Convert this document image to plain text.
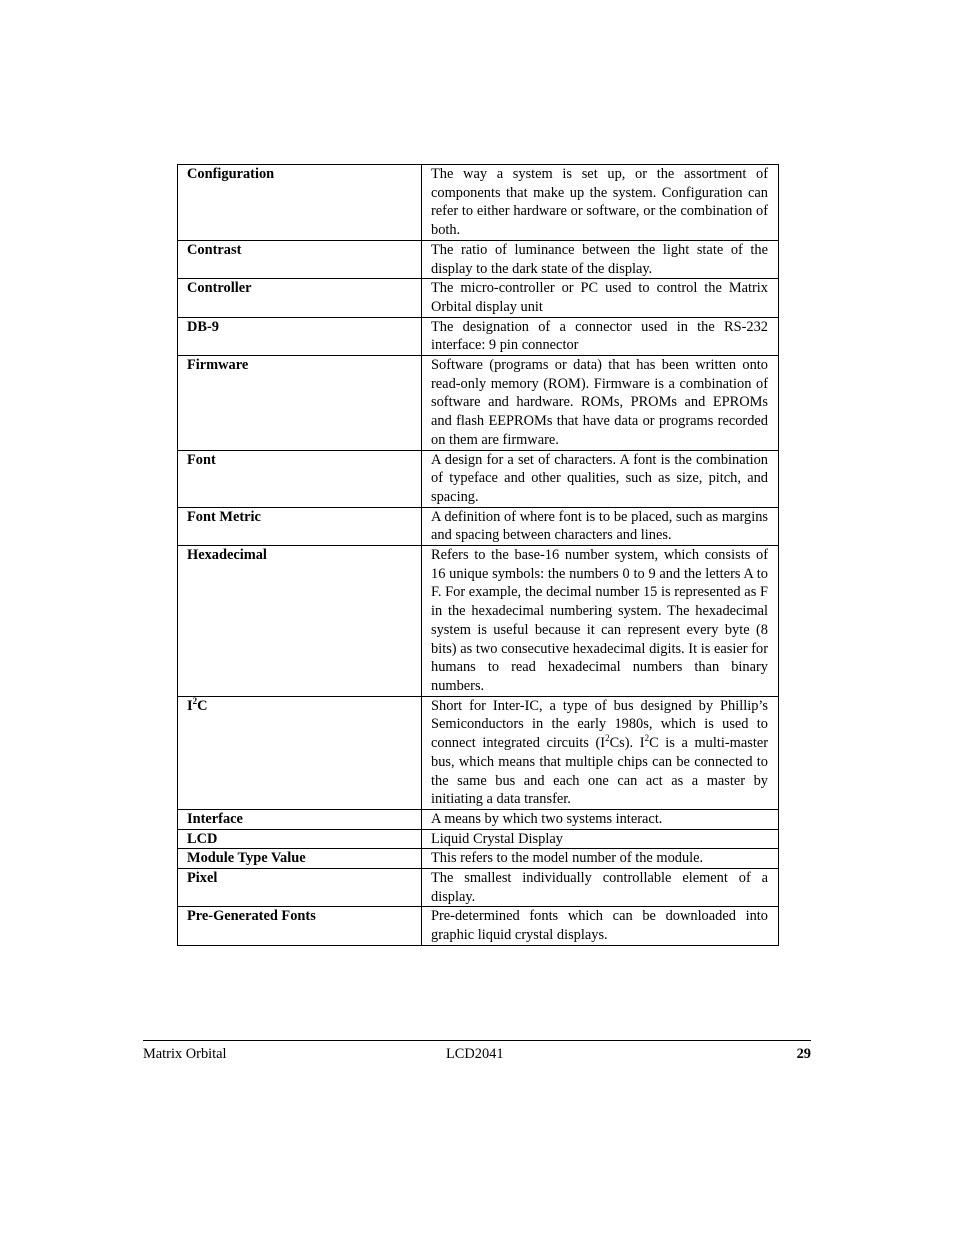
Configuration	The way a system is set up, or the assortment of components that make up the system. Configuration can refer to either hardware or software, or the combination of both.
Contrast	The ratio of luminance between the light state of the display to the dark state of the display.
Controller	The micro-controller or PC used to control the Matrix Orbital display unit
DB-9	The designation of a connector used in the RS-232 interface: 9 pin connector
Firmware	Software (programs or data) that has been written onto read-only memory (ROM). Firmware is a combination of software and hardware. ROMs, PROMs and EPROMs and flash EEPROMs that have data or programs recorded on them are firmware.
Font	A design for a set of characters. A font is the combination of typeface and other qualities, such as size, pitch, and spacing.
Font Metric	A definition of where font is to be placed, such as margins and spacing between characters and lines.
Hexadecimal	Refers to the base-16 number system, which consists of 16 unique symbols: the numbers 0 to 9 and the letters A to F. For example, the decimal number 15 is represented as F in the hexadecimal numbering system. The hexadecimal system is useful because it can represent every byte (8 bits) as two consecutive hexadecimal digits. It is easier for humans to read hexadecimal numbers than binary numbers.
$I^2C$	Short for Inter-IC, a type of bus designed by Phillip’s Semiconductors in the early 1980s, which is used to connect integrated circuits $(I^2Cs)$. $I^2C$ is a multi-master bus, which means that multiple chips can be connected to the same bus and each one can act as a master by initiating a data transfer.
Interface	A means by which two systems interact.
LCD	Liquid Crystal Display
Module Type Value	This refers to the model number of the module.
Pixel	The smallest individually controllable element of a display.
Pre-Generated Fonts	Pre-determined fonts which can be downloaded into graphic liquid crystal displays.
Matrix Orbital	LCD2041	29
